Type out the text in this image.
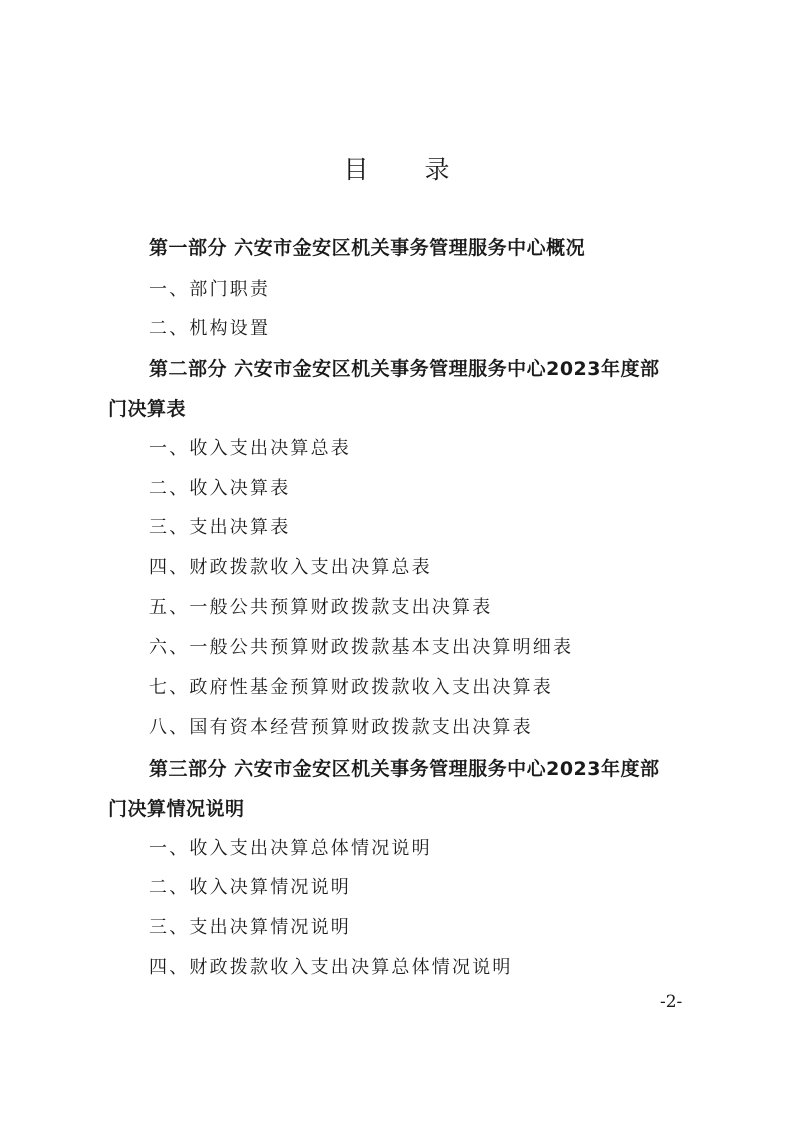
目 录
第一部分 六安市金安区机关事务管理服务中心概况
一、部门职责
二、机构设置
第二部分 六安市金安区机关事务管理服务中心2023年度部
门决算表
一、收入支出决算总表
二、收入决算表
三、支出决算表
四、财政拨款收入支出决算总表
五、一般公共预算财政拨款支出决算表
六、一般公共预算财政拨款基本支出决算明细表
七、政府性基金预算财政拨款收入支出决算表
八、国有资本经营预算财政拨款支出决算表
第三部分 六安市金安区机关事务管理服务中心2023年度部
门决算情况说明
一、收入支出决算总体情况说明
二、收入决算情况说明
三、支出决算情况说明
四、财政拨款收入支出决算总体情况说明

-2-
